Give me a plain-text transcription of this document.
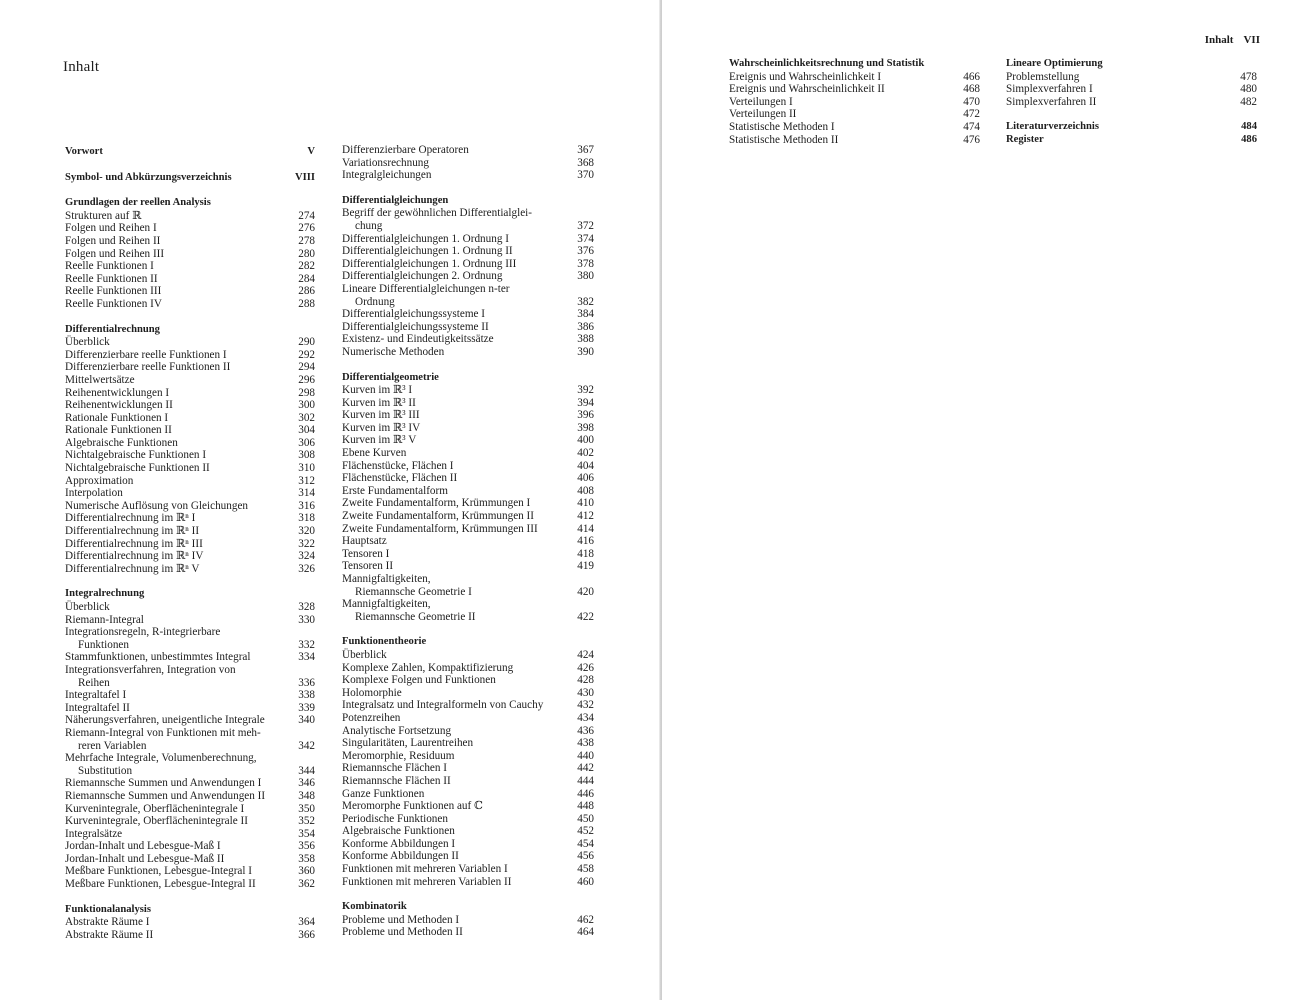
Inhalt
Vorwort	V
Symbol- und Abkürzungsverzeichnis	VIII
Grundlagen der reellen Analysis
Strukturen auf ℝ	274
Folgen und Reihen I	276
Folgen und Reihen II	278
Folgen und Reihen III	280
Reelle Funktionen I	282
Reelle Funktionen II	284
Reelle Funktionen III	286
Reelle Funktionen IV	288
Differentialrechnung
Überblick	290
Differenzierbare reelle Funktionen I	292
Differenzierbare reelle Funktionen II	294
Mittelwertsätze	296
Reihenentwicklungen I	298
Reihenentwicklungen II	300
Rationale Funktionen I	302
Rationale Funktionen II	304
Algebraische Funktionen	306
Nichtalgebraische Funktionen I	308
Nichtalgebraische Funktionen II	310
Approximation	312
Interpolation	314
Numerische Auflösung von Gleichungen	316
Differentialrechnung im ℝⁿ I	318
Differentialrechnung im ℝⁿ II	320
Differentialrechnung im ℝⁿ III	322
Differentialrechnung im ℝⁿ IV	324
Differentialrechnung im ℝⁿ V	326
Integralrechnung
Überblick	328
Riemann-Integral	330
Integrationsregeln, R-integrierbare
Funktionen	332
Stammfunktionen, unbestimmtes Integral	334
Integrationsverfahren, Integration von
Reihen	336
Integraltafel I	338
Integraltafel II	339
Näherungsverfahren, uneigentliche Integrale	340
Riemann-Integral von Funktionen mit meh-
reren Variablen	342
Mehrfache Integrale, Volumenberechnung,
Substitution	344
Riemannsche Summen und Anwendungen I	346
Riemannsche Summen und Anwendungen II	348
Kurvenintegrale, Oberflächenintegrale I	350
Kurvenintegrale, Oberflächenintegrale II	352
Integralsätze	354
Jordan-Inhalt und Lebesgue-Maß I	356
Jordan-Inhalt und Lebesgue-Maß II	358
Meßbare Funktionen, Lebesgue-Integral I	360
Meßbare Funktionen, Lebesgue-Integral II	362
Funktionalanalysis
Abstrakte Räume I	364
Abstrakte Räume II	366
Differenzierbare Operatoren	367
Variationsrechnung	368
Integralgleichungen	370
Differentialgleichungen
Begriff der gewöhnlichen Differentialglei-
chung	372
Differentialgleichungen 1. Ordnung I	374
Differentialgleichungen 1. Ordnung II	376
Differentialgleichungen 1. Ordnung III	378
Differentialgleichungen 2. Ordnung	380
Lineare Differentialgleichungen n-ter
Ordnung	382
Differentialgleichungssysteme I	384
Differentialgleichungssysteme II	386
Existenz- und Eindeutigkeitssätze	388
Numerische Methoden	390
Differentialgeometrie
Kurven im ℝ³ I	392
Kurven im ℝ³ II	394
Kurven im ℝ³ III	396
Kurven im ℝ³ IV	398
Kurven im ℝ³ V	400
Ebene Kurven	402
Flächenstücke, Flächen I	404
Flächenstücke, Flächen II	406
Erste Fundamentalform	408
Zweite Fundamentalform, Krümmungen I	410
Zweite Fundamentalform, Krümmungen II	412
Zweite Fundamentalform, Krümmungen III	414
Hauptsatz	416
Tensoren I	418
Tensoren II	419
Mannigfaltigkeiten,
Riemannsche Geometrie I	420
Mannigfaltigkeiten,
Riemannsche Geometrie II	422
Funktionentheorie
Überblick	424
Komplexe Zahlen, Kompaktifizierung	426
Komplexe Folgen und Funktionen	428
Holomorphie	430
Integralsatz und Integralformeln von Cauchy	432
Potenzreihen	434
Analytische Fortsetzung	436
Singularitäten, Laurentreihen	438
Meromorphie, Residuum	440
Riemannsche Flächen I	442
Riemannsche Flächen II	444
Ganze Funktionen	446
Meromorphe Funktionen auf ℂ	448
Periodische Funktionen	450
Algebraische Funktionen	452
Konforme Abbildungen I	454
Konforme Abbildungen II	456
Funktionen mit mehreren Variablen I	458
Funktionen mit mehreren Variablen II	460
Kombinatorik
Probleme und Methoden I	462
Probleme und Methoden II	464
Inhalt VII
Wahrscheinlichkeitsrechnung und Statistik
Ereignis und Wahrscheinlichkeit I	466
Ereignis und Wahrscheinlichkeit II	468
Verteilungen I	470
Verteilungen II	472
Statistische Methoden I	474
Statistische Methoden II	476
Lineare Optimierung
Problemstellung	478
Simplexverfahren I	480
Simplexverfahren II	482
Literaturverzeichnis	484
Register	486
